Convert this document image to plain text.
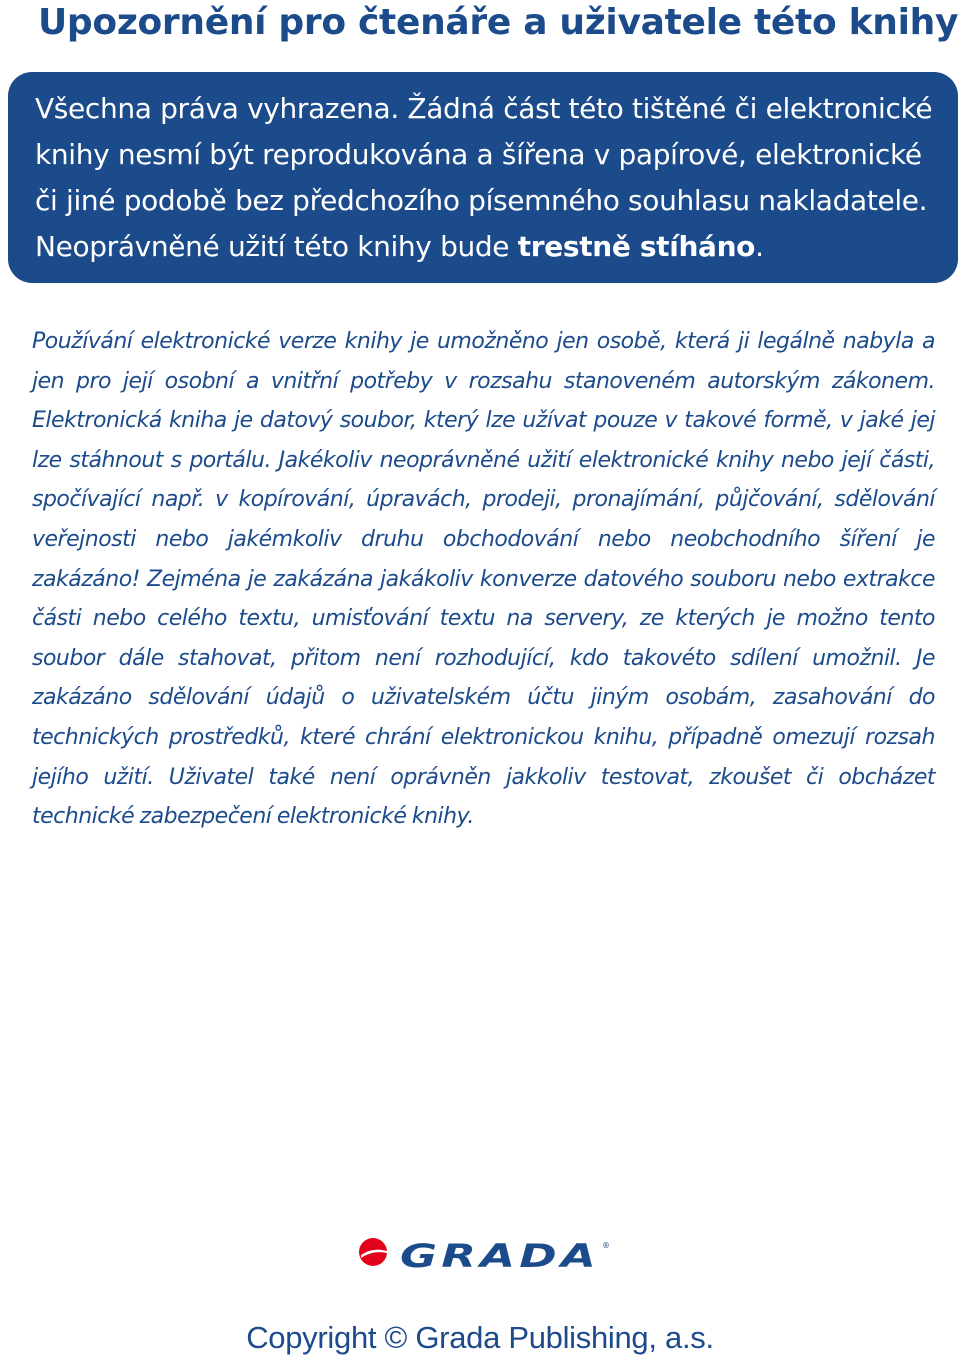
Upozornění pro čtenáře a uživatele této knihy
Všechna práva vyhrazena. Žádná část této tištěné či elektronické knihy nesmí být reprodukována a šířena v papírové, elektronické či jiné podobě bez předchozího písemného souhlasu nakladatele. Neoprávněné užití této knihy bude trestně stíháno.

Používání elektronické verze knihy je umožněno jen osobě, která ji legálně nabyla a jen pro její osobní a vnitřní potřeby v rozsahu stanoveném autorským zákonem. Elektronická kniha je datový soubor, který lze užívat pouze v takové formě, v jaké jej lze stáhnout s portálu. Jakékoliv neoprávněné užití elektronické knihy nebo její části, spočívající např. v kopírování, úpravách, prodeji, pronajímání, půjčování, sdělování veřejnosti nebo jakémkoliv druhu obchodování nebo neobchodního šíření je zakázáno! Zejména je zakázána jakákoliv konverze datového souboru nebo extrakce části nebo celého textu, umisťování textu na servery, ze kterých je možno tento soubor dále stahovat, přitom není rozhodující, kdo takovéto sdílení umožnil. Je zakázáno sdělování údajů o uživatelském účtu jiným osobám, zasahování do technických prostředků, které chrání elektronickou knihu, případně omezují rozsah jejího užití. Uživatel také není oprávněn jakkoliv testovat, zkoušet či obcházet technické zabezpečení elektronické knihy.

GRADA ®
Copyright © Grada Publishing, a.s.
